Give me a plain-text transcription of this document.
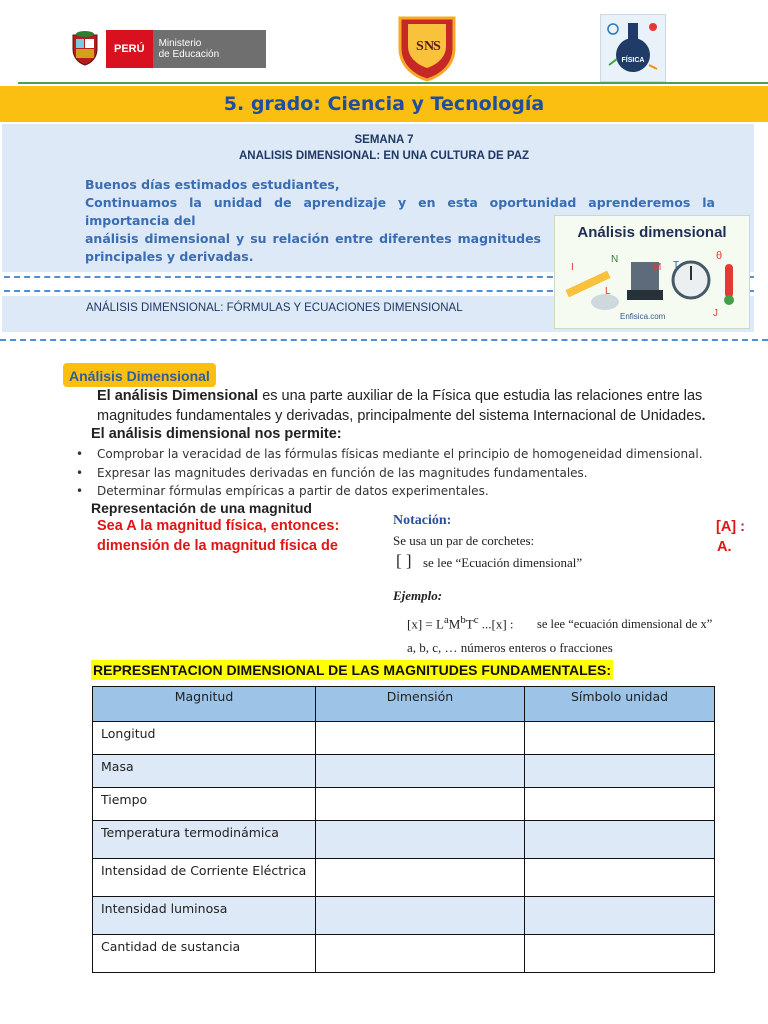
PERÚ	Ministerio
de Educación
S N
S
FÍSICA
5. grado: Ciencia y Tecnología
SEMANA 7
ANALISIS DIMENSIONAL: EN UNA CULTURA DE PAZ
Buenos días estimados estudiantes,
Continuamos la unidad de aprendizaje y en esta oportunidad aprenderemos la importancia del
análisis dimensional y su relación entre diferentes magnitudes
principales y derivadas.
ANÁLISIS DIMENSIONAL: FÓRMULAS Y ECUACIONES DIMENSIONAL
Análisis dimensional
I
N
M T
θ
L
J
Enfisica.com
Análisis Dimensional
El análisis Dimensional es una parte auxiliar de la Física que estudia las relaciones entre las
magnitudes fundamentales y derivadas, principalmente del sistema Internacional de Unidades.
El análisis dimensional nos permite:
• Comprobar la veracidad de las fórmulas físicas mediante el principio de homogeneidad dimensional.
• Expresar las magnitudes derivadas en función de las magnitudes fundamentales.
• Determinar fórmulas empíricas a partir de datos experimentales.
Representación de una magnitud
Sea A la magnitud física, entonces:
dimensión de la magnitud física de
[A] :
A.
Notación:
Se usa un par de corchetes:
[ ] se lee “Ecuación dimensional”
Ejemplo:
$[x] = L^aM^bT^c$ ...[x] : se lee “ecuación dimensional de x”
a, b, c, … números enteros o fracciones
REPRESENTACION DIMENSIONAL DE LAS MAGNITUDES FUNDAMENTALES:
Magnitud	Dimensión	Símbolo unidad
Longitud		
Masa		
Tiempo		
Temperatura termodinámica		
Intensidad de Corriente Eléctrica		
Intensidad luminosa		
Cantidad de sustancia		
